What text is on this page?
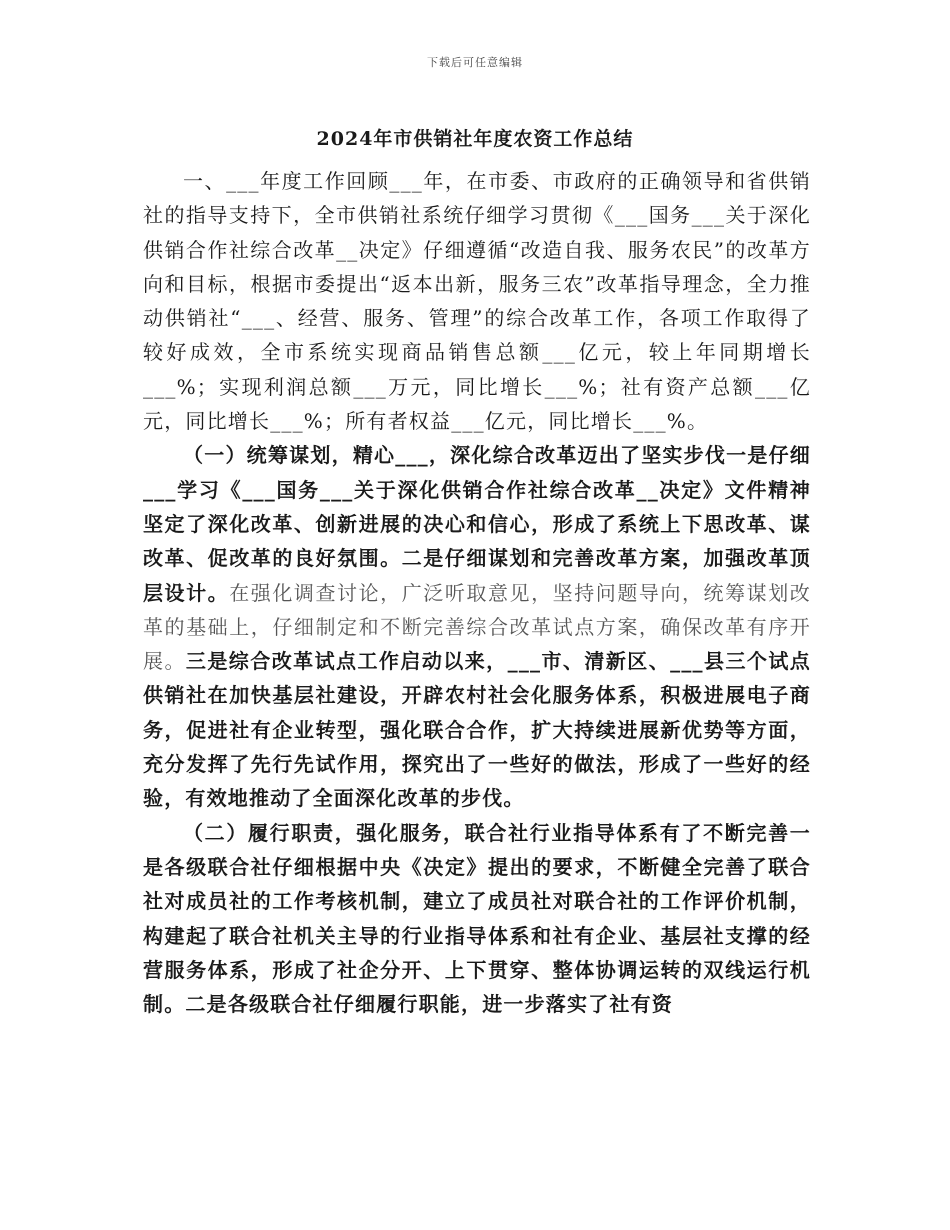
下载后可任意编辑
2024年市供销社年度农资工作总结

一、___年度工作回顾___年，在市委、市政府的正确领导和省供销社的指导支持下，全市供销社系统仔细学习贯彻《___国务___关于深化供销合作社综合改革__决定》仔细遵循“改造自我、服务农民”的改革方向和目标，根据市委提出“返本出新，服务三农”改革指导理念，全力推动供销社“___、经营、服务、管理”的综合改革工作，各项工作取得了较好成效，全市系统实现商品销售总额___亿元，较上年同期增长___%；实现利润总额___万元，同比增长___%；社有资产总额___亿元，同比增长___%；所有者权益___亿元，同比增长___%。

（一）统筹谋划，精心___，深化综合改革迈出了坚实步伐一是仔细___学习《___国务___关于深化供销合作社综合改革__决定》文件精神坚定了深化改革、创新进展的决心和信心，形成了系统上下思改革、谋改革、促改革的良好氛围。二是仔细谋划和完善改革方案，加强改革顶层设计。在强化调查讨论，广泛听取意见，坚持问题导向，统筹谋划改革的基础上，仔细制定和不断完善综合改革试点方案，确保改革有序开展。三是综合改革试点工作启动以来，___市、清新区、___县三个试点供销社在加快基层社建设，开辟农村社会化服务体系，积极进展电子商务，促进社有企业转型，强化联合合作，扩大持续进展新优势等方面，充分发挥了先行先试作用，探究出了一些好的做法，形成了一些好的经验，有效地推动了全面深化改革的步伐。

（二）履行职责，强化服务，联合社行业指导体系有了不断完善一是各级联合社仔细根据中央《决定》提出的要求，不断健全完善了联合社对成员社的工作考核机制，建立了成员社对联合社的工作评价机制，构建起了联合社机关主导的行业指导体系和社有企业、基层社支撑的经营服务体系，形成了社企分开、上下贯穿、整体协调运转的双线运行机制。二是各级联合社仔细履行职能，进一步落实了社有资
